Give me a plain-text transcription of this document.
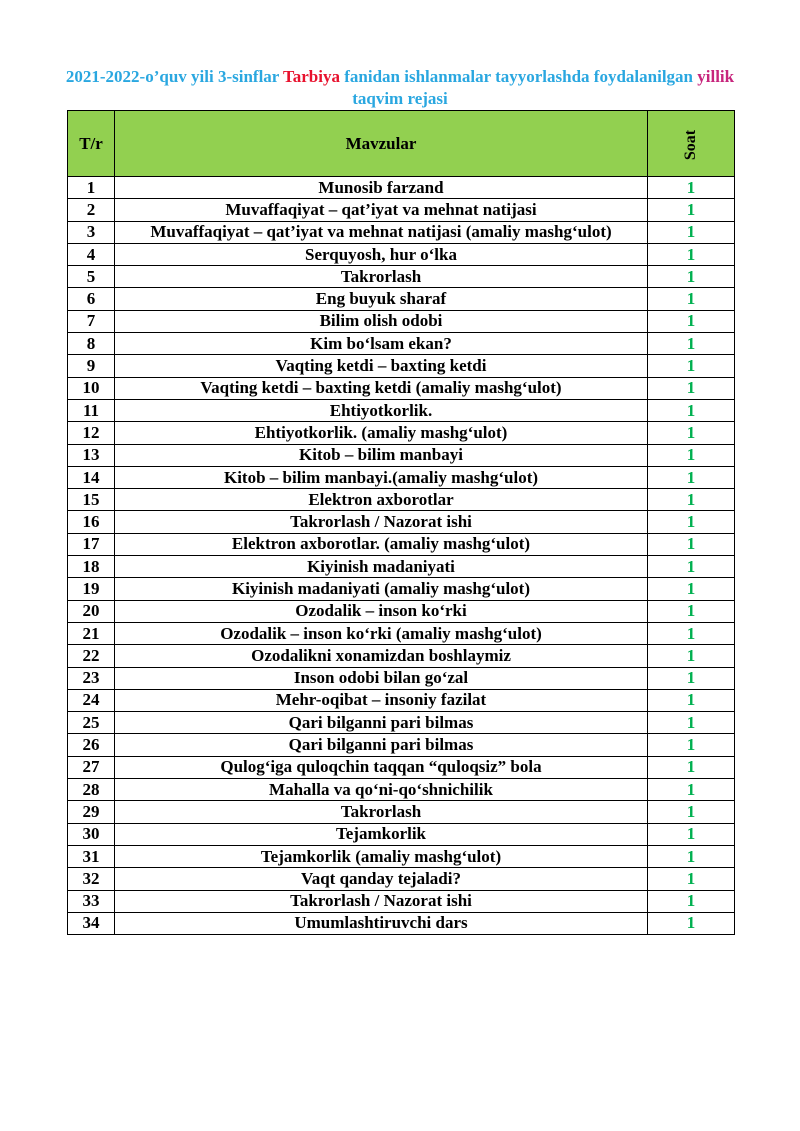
2021-2022-o’quv yili 3-sinflar Tarbiya fanidan ishlanmalar tayyorlashda foydalanilgan yillik taqvim rejasi
T/r	Mavzular	Soat
1	Munosib farzand	1
2	Muvaffaqiyat – qat’iyat va mehnat natijasi	1
3	Muvaffaqiyat – qat’iyat va mehnat natijasi (amaliy mashg‘ulot)	1
4	Serquyosh, hur o‘lka	1
5	Takrorlash	1
6	Eng buyuk sharaf	1
7	Bilim olish odobi	1
8	Kim bo‘lsam ekan?	1
9	Vaqting ketdi – baxting ketdi	1
10	Vaqting ketdi – baxting ketdi (amaliy mashg‘ulot)	1
11	Ehtiyotkorlik.	1
12	Ehtiyotkorlik. (amaliy mashg‘ulot)	1
13	Kitob – bilim manbayi	1
14	Kitob – bilim manbayi.(amaliy mashg‘ulot)	1
15	Elektron axborotlar	1
16	Takrorlash / Nazorat ishi	1
17	Elektron axborotlar. (amaliy mashg‘ulot)	1
18	Kiyinish madaniyati	1
19	Kiyinish madaniyati (amaliy mashg‘ulot)	1
20	Ozodalik – inson ko‘rki	1
21	Ozodalik – inson ko‘rki (amaliy mashg‘ulot)	1
22	Ozodalikni xonamizdan boshlaymiz	1
23	Inson odobi bilan go‘zal	1
24	Mehr-oqibat – insoniy fazilat	1
25	Qari bilganni pari bilmas	1
26	Qari bilganni pari bilmas	1
27	Qulog‘iga quloqchin taqqan “quloqsiz” bola	1
28	Mahalla va qo‘ni-qo‘shnichilik	1
29	Takrorlash	1
30	Tejamkorlik	1
31	Tejamkorlik (amaliy mashg‘ulot)	1
32	Vaqt qanday tejaladi?	1
33	Takrorlash / Nazorat ishi	1
34	Umumlashtiruvchi dars	1
